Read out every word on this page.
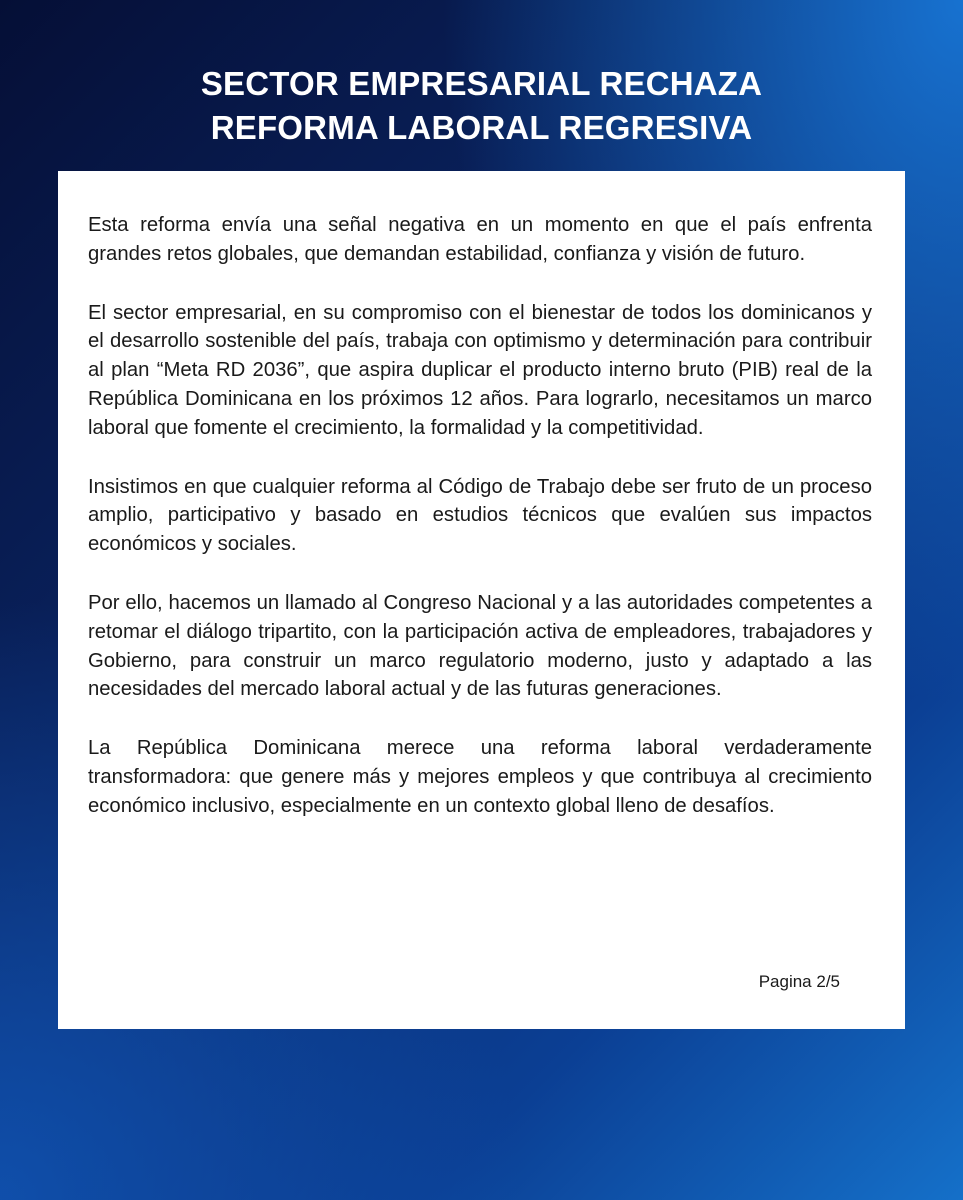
SECTOR EMPRESARIAL RECHAZA
REFORMA LABORAL REGRESIVA

Esta reforma envía una señal negativa en un momento en que el país enfrenta grandes retos globales, que demandan estabilidad, confianza y visión de futuro.

El sector empresarial, en su compromiso con el bienestar de todos los dominicanos y el desarrollo sostenible del país, trabaja con optimismo y determinación para contribuir al plan “Meta RD 2036”, que aspira duplicar el producto interno bruto (PIB) real de la República Dominicana en los próximos 12 años. Para lograrlo, necesitamos un marco laboral que fomente el crecimiento, la formalidad y la competitividad.

Insistimos en que cualquier reforma al Código de Trabajo debe ser fruto de un proceso amplio, participativo y basado en estudios técnicos que evalúen sus impactos económicos y sociales.

Por ello, hacemos un llamado al Congreso Nacional y a las autoridades competentes a retomar el diálogo tripartito, con la participación activa de empleadores, trabajadores y Gobierno, para construir un marco regulatorio moderno, justo y adaptado a las necesidades del mercado laboral actual y de las futuras generaciones.

La República Dominicana merece una reforma laboral verdaderamente transformadora: que genere más y mejores empleos y que contribuya al crecimiento económico inclusivo, especialmente en un contexto global lleno de desafíos.

Pagina 2/5
